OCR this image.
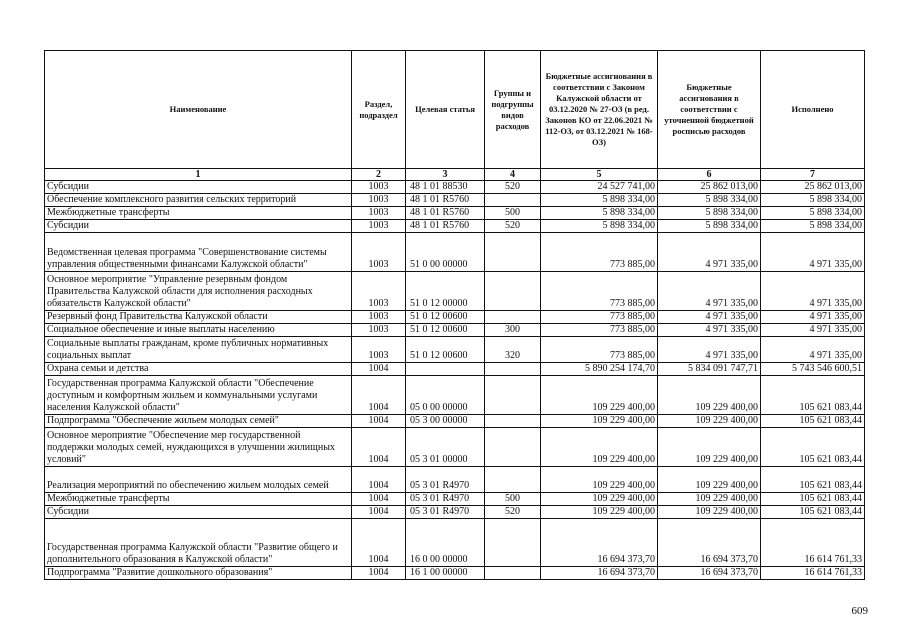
Наименование	Раздел, подраздел	Целевая статья	Группы и подгруппы видов расходов	Бюджетные ассигнования в соответствии с Законом Калужской области от 03.12.2020 № 27-ОЗ (в ред. Законов КО от 22.06.2021 № 112-ОЗ, от 03.12.2021 № 168-ОЗ)	Бюджетные ассигнования в соответствии с уточненной бюджетной росписью расходов	Исполнено
1	2	3	4	5	6	7
Субсидии	1003	48 1 01 88530	520	24 527 741,00	25 862 013,00	25 862 013,00
Обеспечение комплексного развития сельских территорий	1003	48 1 01 R5760		5 898 334,00	5 898 334,00	5 898 334,00
Межбюджетные трансферты	1003	48 1 01 R5760	500	5 898 334,00	5 898 334,00	5 898 334,00
Субсидии	1003	48 1 01 R5760	520	5 898 334,00	5 898 334,00	5 898 334,00
Ведомственная целевая программа "Совершенствование системы управления общественными финансами Калужской области"	1003	51 0 00 00000		773 885,00	4 971 335,00	4 971 335,00
Основное мероприятие "Управление резервным фондом Правительства Калужской области для исполнения расходных обязательств Калужской области"	1003	51 0 12 00000		773 885,00	4 971 335,00	4 971 335,00
Резервный фонд Правительства Калужской области	1003	51 0 12 00600		773 885,00	4 971 335,00	4 971 335,00
Социальное обеспечение и иные выплаты населению	1003	51 0 12 00600	300	773 885,00	4 971 335,00	4 971 335,00
Социальные выплаты гражданам, кроме публичных нормативных социальных выплат	1003	51 0 12 00600	320	773 885,00	4 971 335,00	4 971 335,00
Охрана семьи и детства	1004			5 890 254 174,70	5 834 091 747,71	5 743 546 600,51
Государственная программа Калужской области "Обеспечение доступным и комфортным жильем и коммунальными услугами населения Калужской области"	1004	05 0 00 00000		109 229 400,00	109 229 400,00	105 621 083,44
Подпрограмма "Обеспечение жильем молодых семей"	1004	05 3 00 00000		109 229 400,00	109 229 400,00	105 621 083,44
Основное мероприятие "Обеспечение мер государственной поддержки молодых семей, нуждающихся в улучшении жилищных условий"	1004	05 3 01 00000		109 229 400,00	109 229 400,00	105 621 083,44
Реализация мероприятий по обеспечению жильем молодых семей	1004	05 3 01 R4970		109 229 400,00	109 229 400,00	105 621 083,44
Межбюджетные трансферты	1004	05 3 01 R4970	500	109 229 400,00	109 229 400,00	105 621 083,44
Субсидии	1004	05 3 01 R4970	520	109 229 400,00	109 229 400,00	105 621 083,44
Государственная программа Калужской области "Развитие общего и дополнительного образования в Калужской области"	1004	16 0 00 00000		16 694 373,70	16 694 373,70	16 614 761,33
Подпрограмма "Развитие дошкольного образования"	1004	16 1 00 00000		16 694 373,70	16 694 373,70	16 614 761,33
609
